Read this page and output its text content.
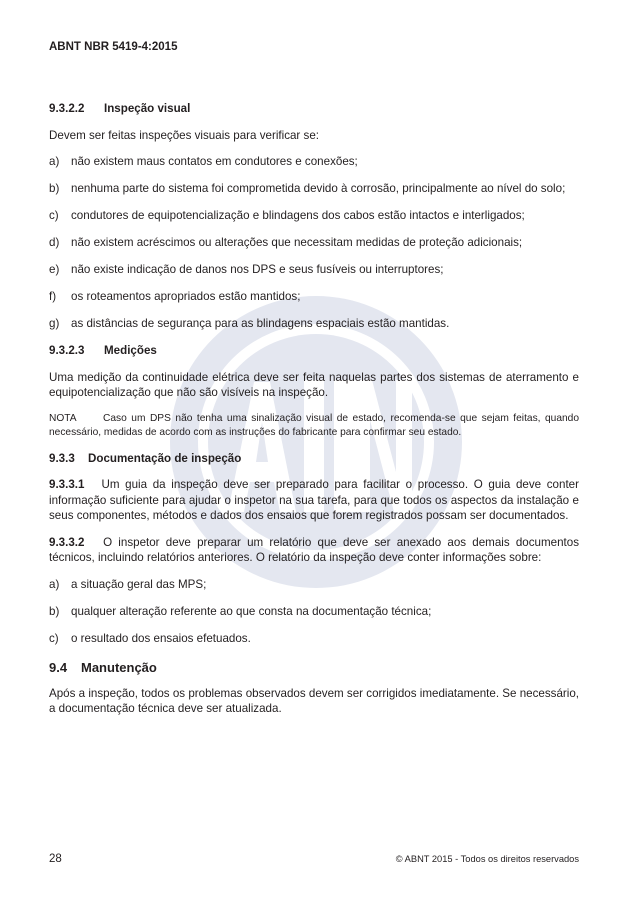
ABNT NBR 5419-4:2015
9.3.2.2 Inspeção visual

Devem ser feitas inspeções visuais para verificar se:

a)	não existem maus contatos em condutores e conexões;
b)	nenhuma parte do sistema foi comprometida devido à corrosão, principalmente ao nível do solo;
c)	condutores de equipotencialização e blindagens dos cabos estão intactos e interligados;
d)	não existem acréscimos ou alterações que necessitam medidas de proteção adicionais;
e)	não existe indicação de danos nos DPS e seus fusíveis ou interruptores;
f)	os roteamentos apropriados estão mantidos;
g)	as distâncias de segurança para as blindagens espaciais estão mantidas.
9.3.2.3 Medições

Uma medição da continuidade elétrica deve ser feita naquelas partes dos sistemas de aterramento e equipotencialização que não são visíveis na inspeção.

NOTA	Caso um DPS não tenha uma sinalização visual de estado, recomenda-se que sejam feitas, quando necessário, medidas de acordo com as instruções do fabricante para confirmar seu estado.
9.3.3 Documentação de inspeção

9.3.3.1 Um guia da inspeção deve ser preparado para facilitar o processo. O guia deve conter informação suficiente para ajudar o inspetor na sua tarefa, para que todos os aspectos da instalação e seus componentes, métodos e dados dos ensaios que forem registrados possam ser documentados.

9.3.3.2 O inspetor deve preparar um relatório que deve ser anexado aos demais documentos técnicos, incluindo relatórios anteriores. O relatório da inspeção deve conter informações sobre:

a)	a situação geral das MPS;
b)	qualquer alteração referente ao que consta na documentação técnica;
c)	o resultado dos ensaios efetuados.
9.4 Manutenção

Após a inspeção, todos os problemas observados devem ser corrigidos imediatamente. Se necessário, a documentação técnica deve ser atualizada.

28	© ABNT 2015 - Todos os direitos reservados
